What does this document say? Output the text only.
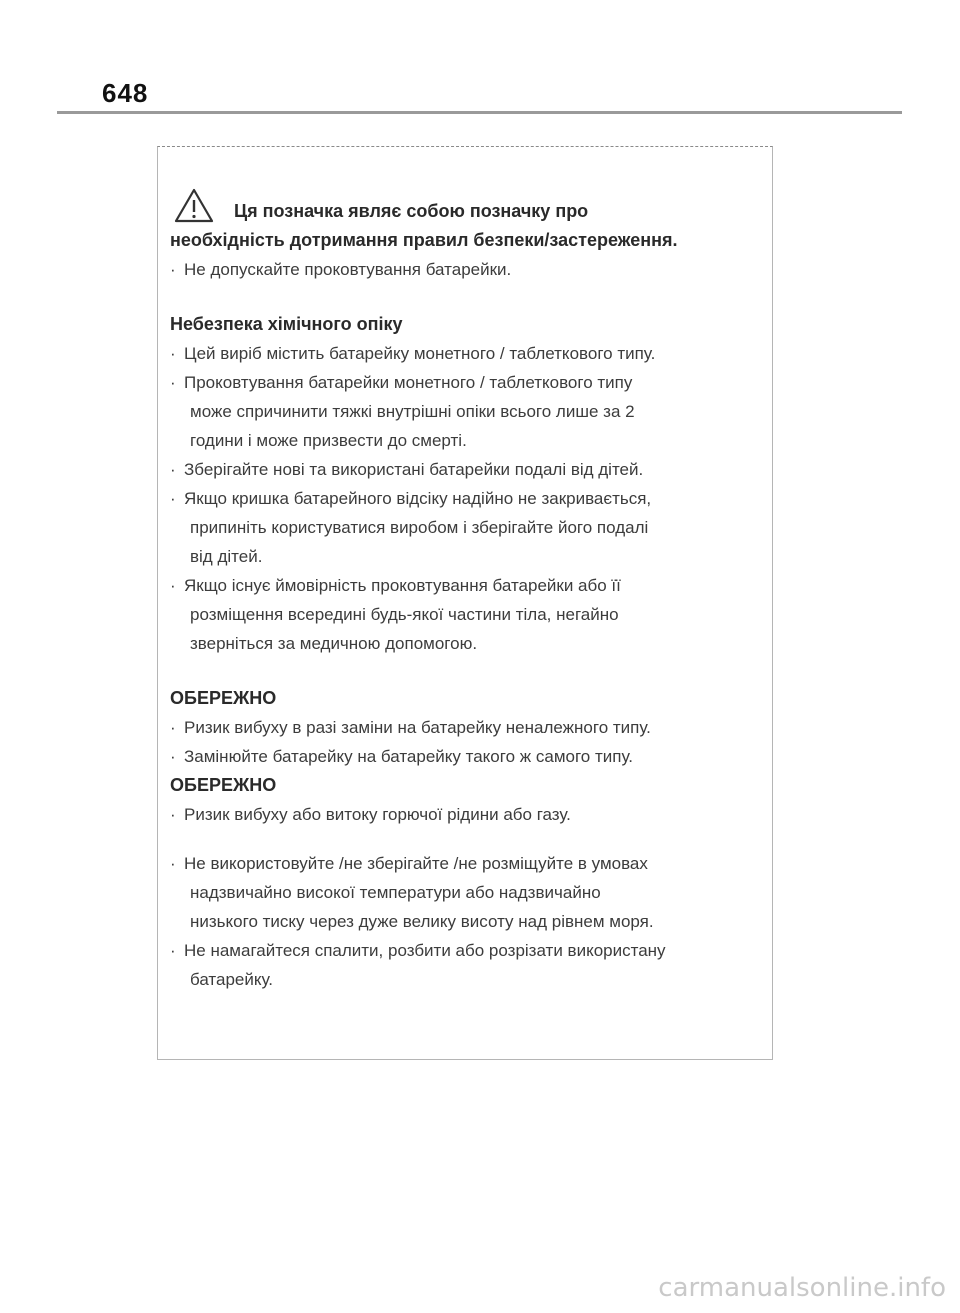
648
Ця позначка являє собою позначку про
необхідність дотримання правил безпеки/застереження.
· Не допускайте проковтування батарейки.
Небезпека хімічного опіку
· Цей виріб містить батарейку монетного / таблеткового типу.
· Проковтування батарейки монетного / таблеткового типу
може спричинити тяжкі внутрішні опіки всього лише за 2
години і може призвести до смерті.
· Зберігайте нові та використані батарейки подалі від дітей.
· Якщо кришка батарейного відсіку надійно не закривається,
припиніть користуватися виробом і зберігайте його подалі
від дітей.
· Якщо існує ймовірність проковтування батарейки або її
розміщення всередині будь-якої частини тіла, негайно
зверніться за медичною допомогою.
ОБЕРЕЖНО
· Ризик вибуху в разі заміни на батарейку неналежного типу.
· Замінюйте батарейку на батарейку такого ж самого типу.
ОБЕРЕЖНО
· Ризик вибуху або витоку горючої рідини або газу.
· Не використовуйте /не зберігайте /не розміщуйте в умовах
надзвичайно високої температури або надзвичайно
низького тиску через дуже велику висоту над рівнем моря.
· Не намагайтеся спалити, розбити або розрізати використану
батарейку.
carmanualsonline.info
